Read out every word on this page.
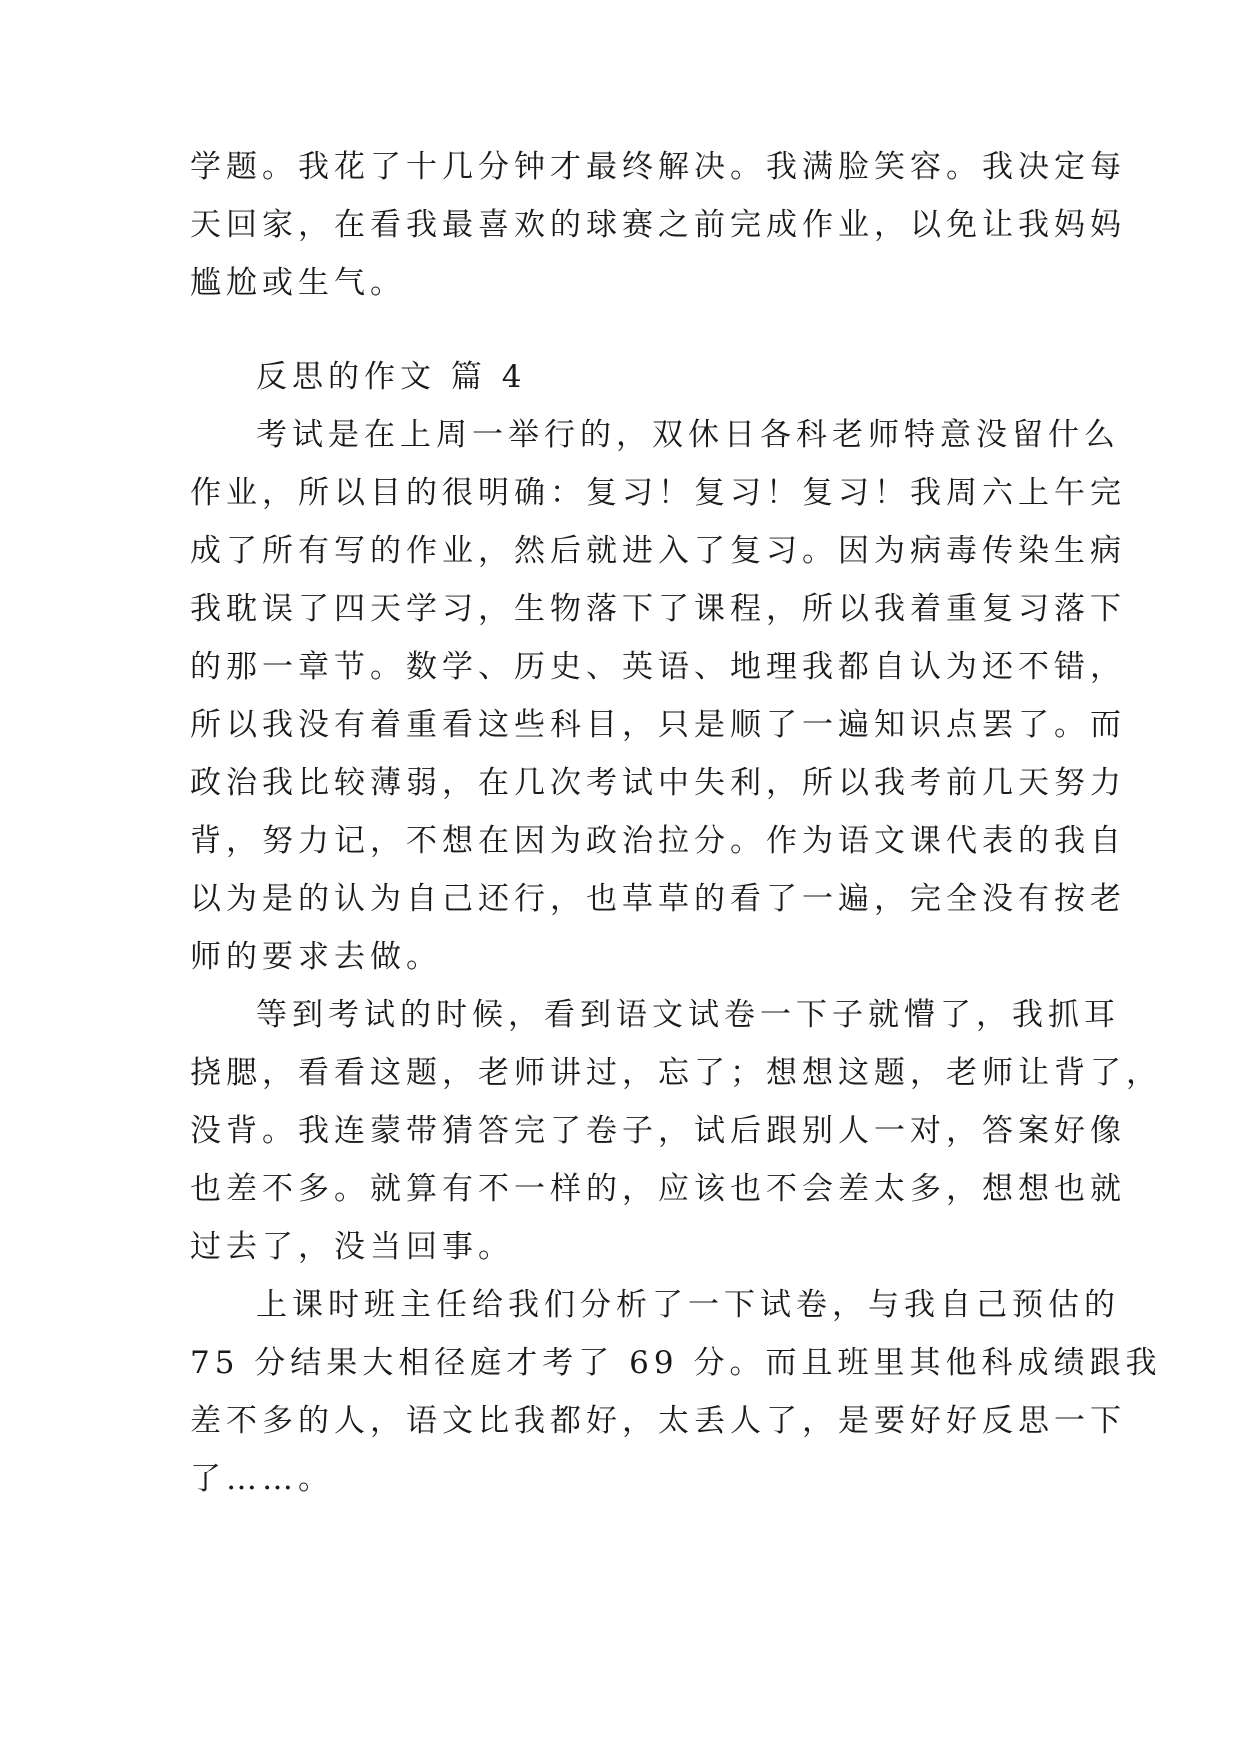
学题。我花了十几分钟才最终解决。我满脸笑容。我决定每
天回家，在看我最喜欢的球赛之前完成作业，以免让我妈妈
尴尬或生气。
反思的作文 篇 4
考试是在上周一举行的，双休日各科老师特意没留什么
作业，所以目的很明确：复习！复习！复习！我周六上午完
成了所有写的作业，然后就进入了复习。因为病毒传染生病
我耽误了四天学习，生物落下了课程，所以我着重复习落下
的那一章节。数学、历史、英语、地理我都自认为还不错，
所以我没有着重看这些科目，只是顺了一遍知识点罢了。而
政治我比较薄弱，在几次考试中失利，所以我考前几天努力
背，努力记，不想在因为政治拉分。作为语文课代表的我自
以为是的认为自己还行，也草草的看了一遍，完全没有按老
师的要求去做。
等到考试的时候，看到语文试卷一下子就懵了，我抓耳
挠腮，看看这题，老师讲过，忘了；想想这题，老师让背了，
没背。我连蒙带猜答完了卷子，试后跟别人一对，答案好像
也差不多。就算有不一样的，应该也不会差太多，想想也就
过去了，没当回事。
上课时班主任给我们分析了一下试卷，与我自己预估的
75 分结果大相径庭才考了 69 分。而且班里其他科成绩跟我
差不多的人，语文比我都好，太丢人了，是要好好反思一下
了……。
